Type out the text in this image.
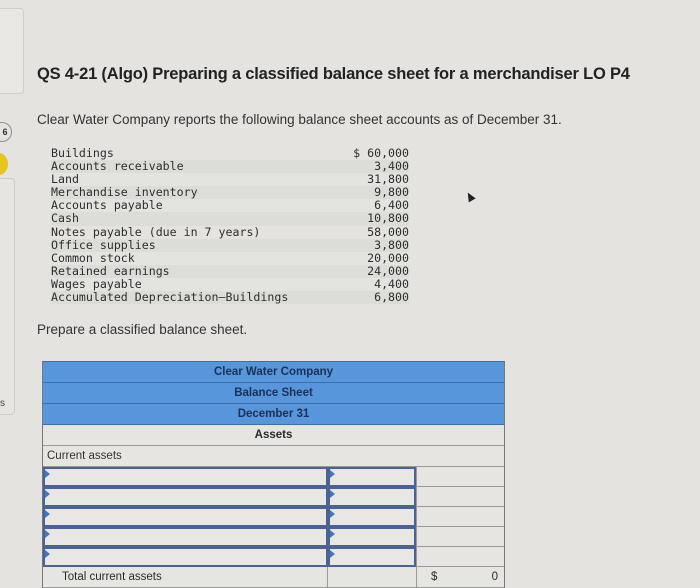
6
s
QS 4-21 (Algo) Preparing a classified balance sheet for a merchandiser LO P4
Clear Water Company reports the following balance sheet accounts as of December 31.
Buildings	$ 60,000
Accounts receivable	3,400
Land	31,800
Merchandise inventory	9,800
Accounts payable	6,400
Cash	10,800
Notes payable (due in 7 years)	58,000
Office supplies	3,800
Common stock	20,000
Retained earnings	24,000
Wages payable	4,400
Accumulated Depreciation–Buildings	6,800
Prepare a classified balance sheet.
Clear Water Company
Balance Sheet
December 31
Assets
Current assets
Total current assets	$	0
